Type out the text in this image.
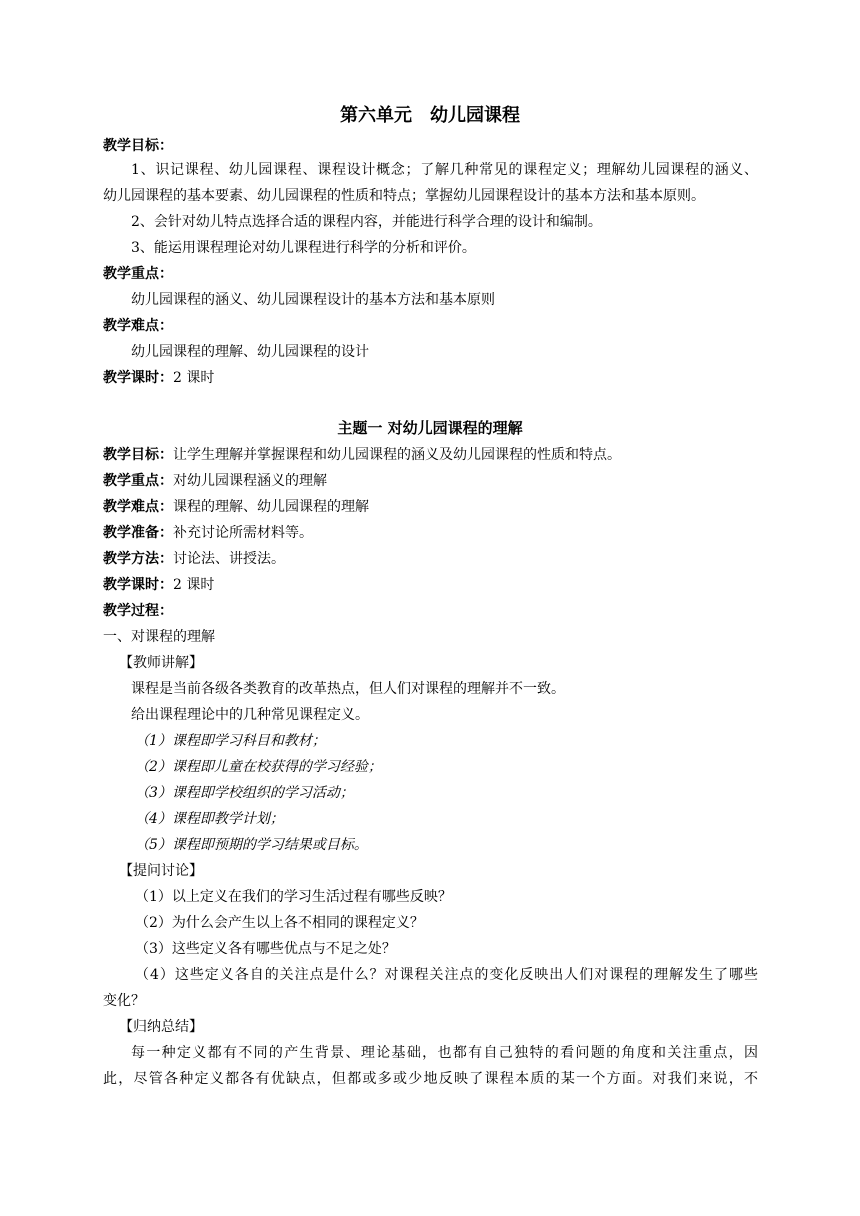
第六单元　幼儿园课程
教学目标：
1、识记课程、幼儿园课程、课程设计概念；了解几种常见的课程定义；理解幼儿园课程的涵义、
幼儿园课程的基本要素、幼儿园课程的性质和特点；掌握幼儿园课程设计的基本方法和基本原则。
2、会针对幼儿特点选择合适的课程内容，并能进行科学合理的设计和编制。
3、能运用课程理论对幼儿课程进行科学的分析和评价。
教学重点：
幼儿园课程的涵义、幼儿园课程设计的基本方法和基本原则
教学难点：
幼儿园课程的理解、幼儿园课程的设计
教学课时：2 课时
主题一 对幼儿园课程的理解
教学目标：让学生理解并掌握课程和幼儿园课程的涵义及幼儿园课程的性质和特点。
教学重点：对幼儿园课程涵义的理解
教学难点：课程的理解、幼儿园课程的理解
教学准备：补充讨论所需材料等。
教学方法：讨论法、讲授法。
教学课时：2 课时
教学过程：
一、对课程的理解
【教师讲解】
课程是当前各级各类教育的改革热点，但人们对课程的理解并不一致。
给出课程理论中的几种常见课程定义。
（1）课程即学习科目和教材；
（2）课程即儿童在校获得的学习经验；
（3）课程即学校组织的学习活动；
（4）课程即教学计划；
（5）课程即预期的学习结果或目标。
【提问讨论】
（1）以上定义在我们的学习生活过程有哪些反映？
（2）为什么会产生以上各不相同的课程定义？
（3）这些定义各有哪些优点与不足之处？
（4）这些定义各自的关注点是什么？对课程关注点的变化反映出人们对课程的理解发生了哪些
变化？
【归纳总结】
每一种定义都有不同的产生背景、理论基础，也都有自己独特的看问题的角度和关注重点，因
此，尽管各种定义都各有优缺点，但都或多或少地反映了课程本质的某一个方面。对我们来说，不
